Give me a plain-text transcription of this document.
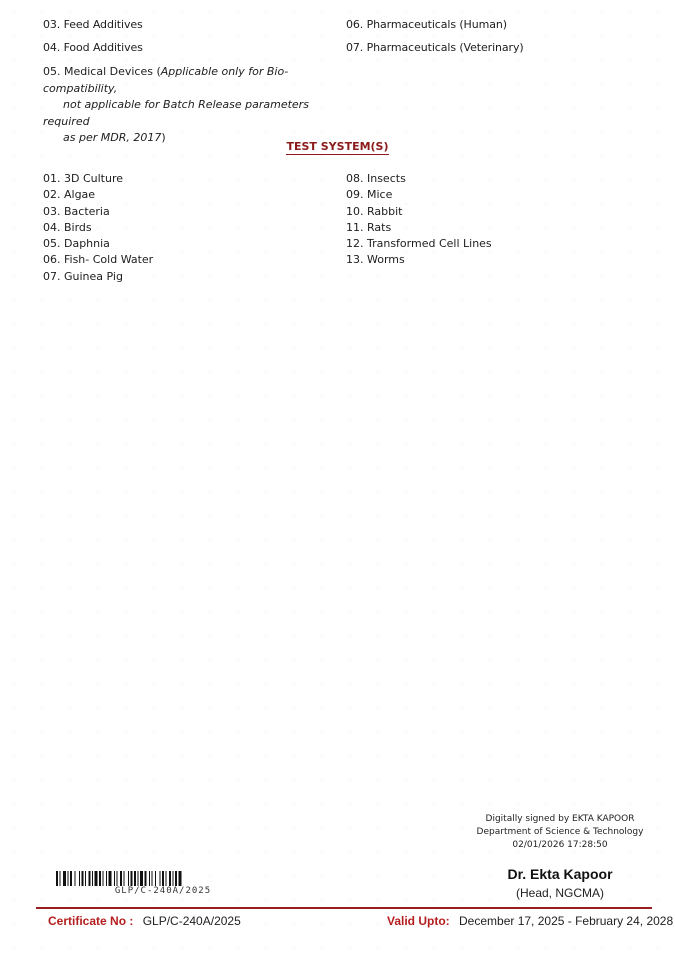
03. Feed Additives
04. Food Additives
06. Pharmaceuticals (Human)
07. Pharmaceuticals (Veterinary)
05. Medical Devices (Applicable only for Bio-compatibility,
not applicable for Batch Release parameters required
as per MDR, 2017)
TEST SYSTEM(S)
01. 3D Culture
02. Algae
03. Bacteria
04. Birds
05. Daphnia
06. Fish- Cold Water
07. Guinea Pig
08. Insects
09. Mice
10. Rabbit
11. Rats
12. Transformed Cell Lines
13. Worms
Digitally signed by EKTA KAPOOR
Department of Science & Technology
02/01/2026 17:28:50
Dr. Ekta Kapoor
(Head, NGCMA)
GLP/C-240A/2025
Certificate No : GLP/C-240A/2025	Valid Upto: December 17, 2025 - February 24, 2028
